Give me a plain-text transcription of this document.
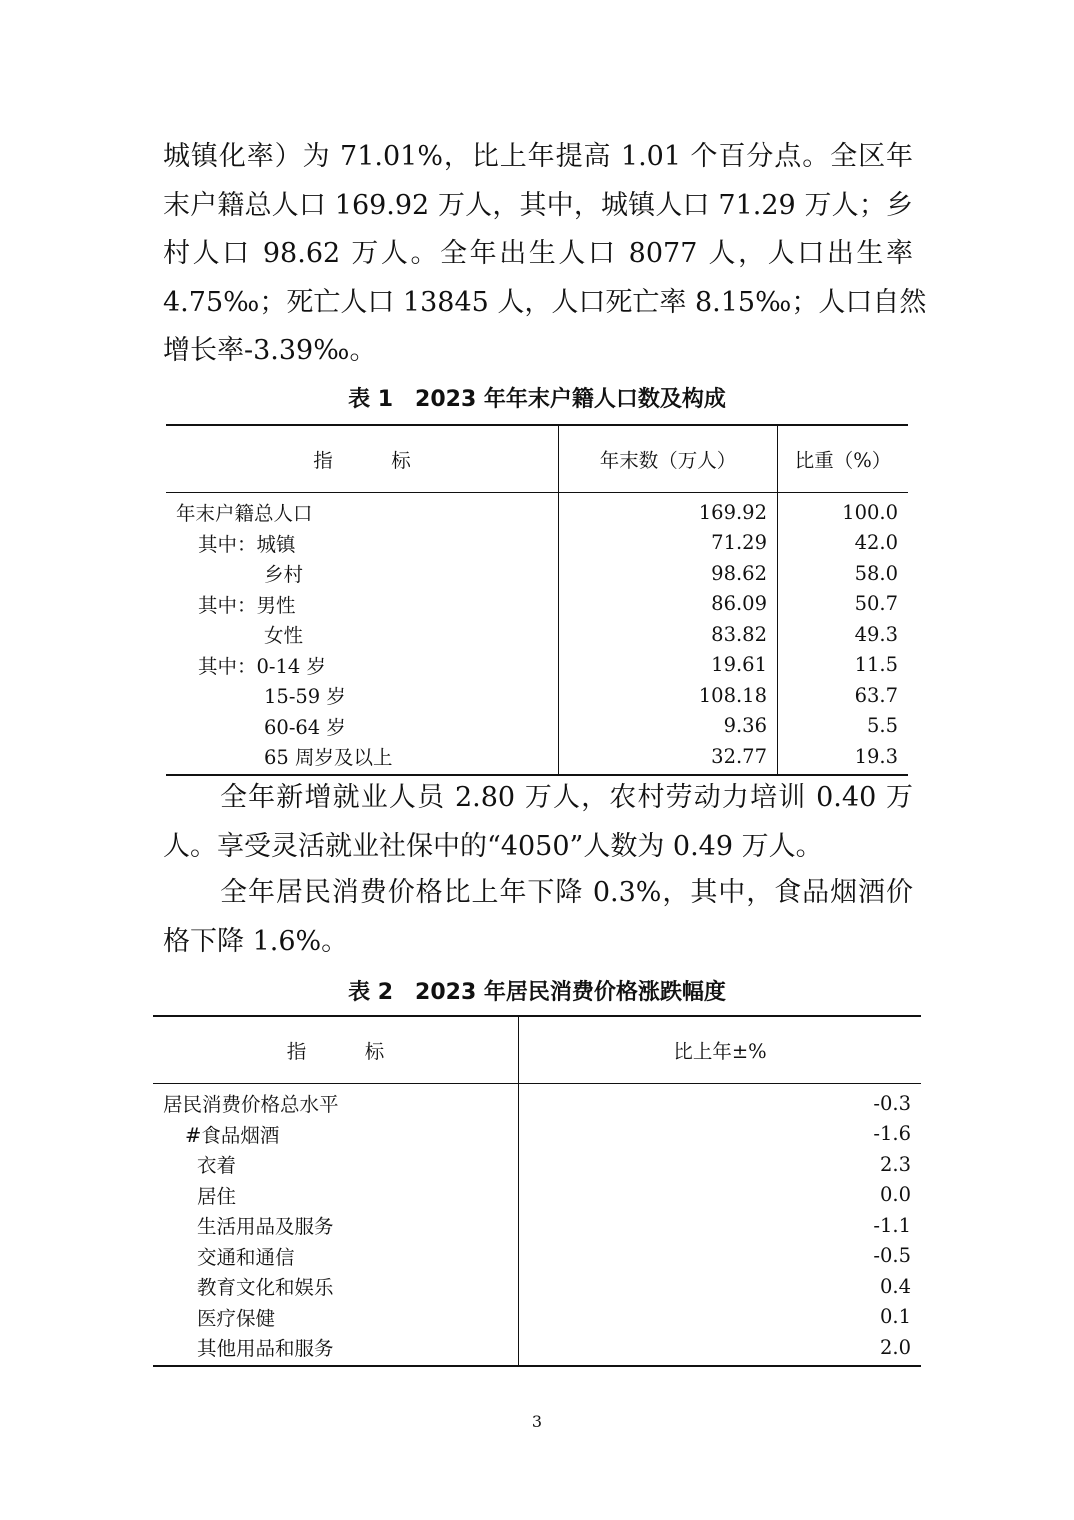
城镇化率）为 71.01%，比上年提高 1.01 个百分点。全区年
末户籍总人口 169.92 万人，其中，城镇人口 71.29 万人；乡
村人口 98.62 万人。全年出生人口 8077 人，人口出生率
4.75‰；死亡人口 13845 人，人口死亡率 8.15‰；人口自然
增长率-3.39‰。
表 1　2023 年年末户籍人口数及构成
指　　　标	年末数（万人）	比重（%）
年末户籍总人口	169.92	100.0
其中：城镇	71.29	42.0
乡村	98.62	58.0
其中：男性	86.09	50.7
女性	83.82	49.3
其中：0-14 岁	19.61	11.5
15-59 岁	108.18	63.7
60-64 岁	9.36	5.5
65 周岁及以上	32.77	19.3
全年新增就业人员 2.80 万人，农村劳动力培训 0.40 万
人。享受灵活就业社保中的“4050”人数为 0.49 万人。
全年居民消费价格比上年下降 0.3%，其中，食品烟酒价
格下降 1.6%。
表 2　2023 年居民消费价格涨跌幅度
指　　　标	比上年±%
居民消费价格总水平	-0.3
#食品烟酒	-1.6
衣着	2.3
居住	0.0
生活用品及服务	-1.1
交通和通信	-0.5
教育文化和娱乐	0.4
医疗保健	0.1
其他用品和服务	2.0
3
